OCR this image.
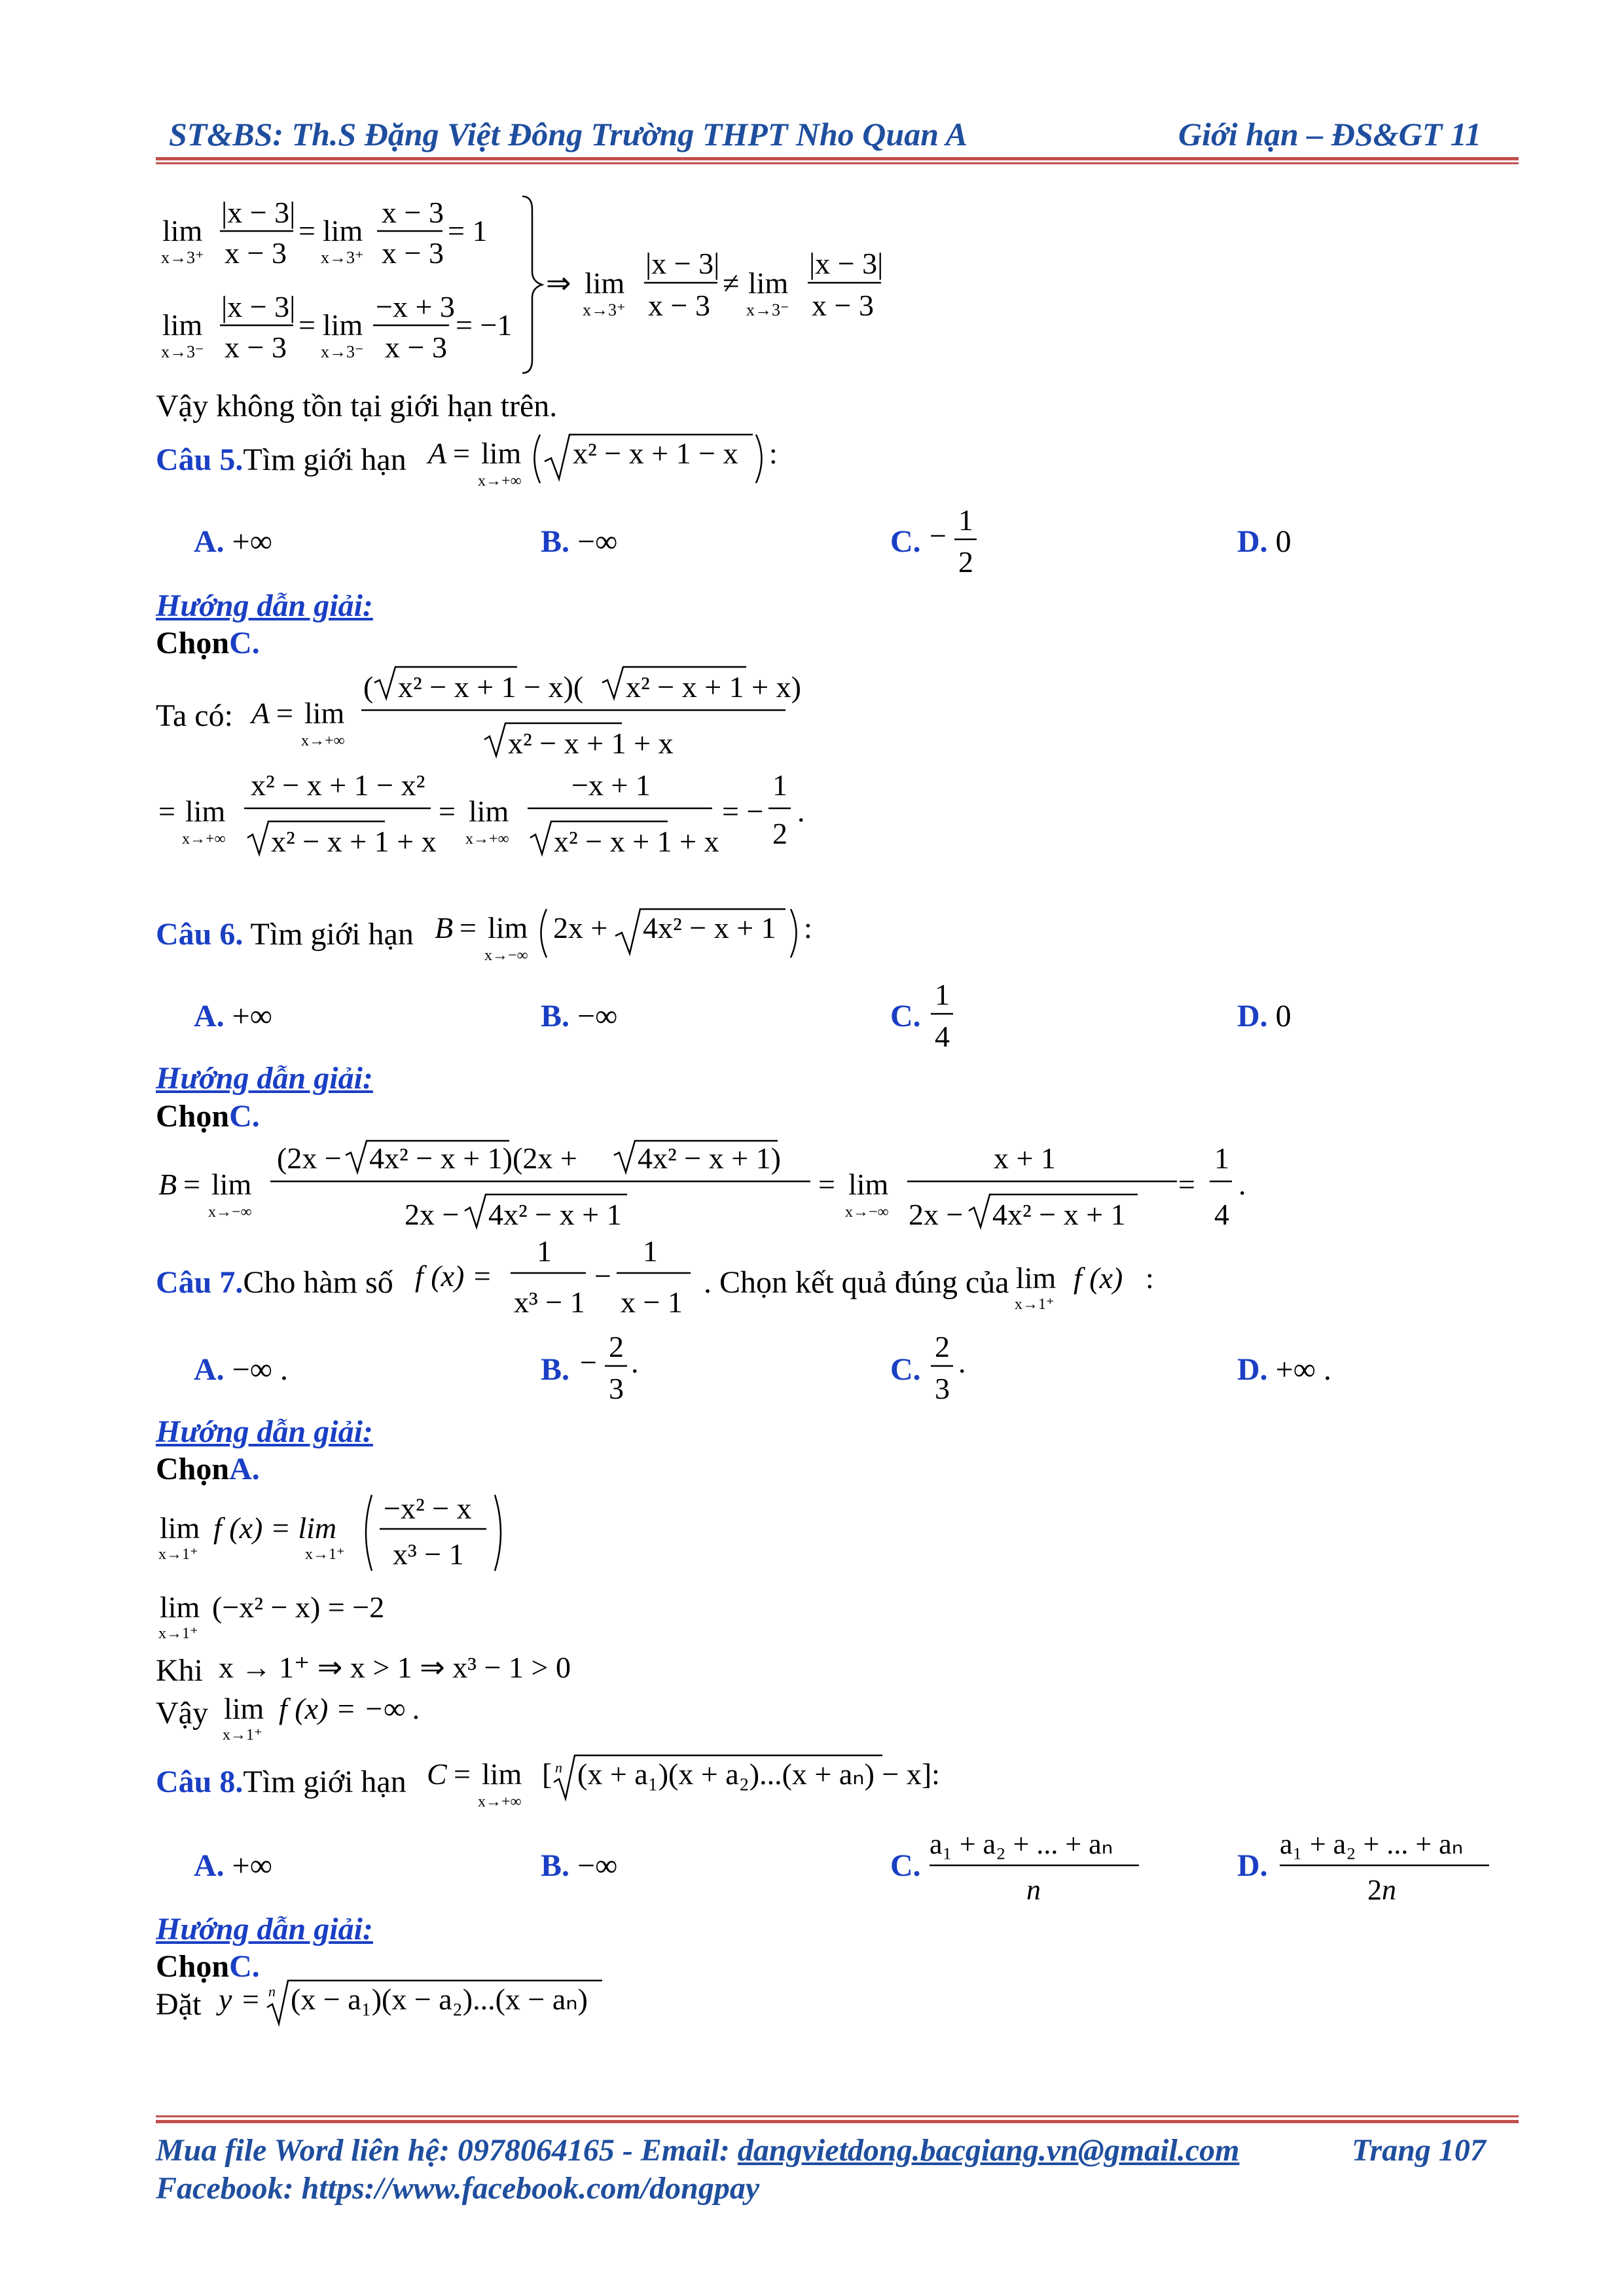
ST&BS: Th.S Đặng Việt Đông Trường THPT Nho Quan A	Giới hạn – ĐS&GT 11
lim
x→3⁺
|x − 3|
x − 3
= lim
x→3⁺
x − 3
x − 3
= 1
lim
x→3⁻
|x − 3|
x − 3
= lim
x→3⁻
−x + 3
x − 3
= −1
⇒ lim
x→3⁺
|x − 3|
x − 3
≠ lim
x→3⁻
|x − 3|
x − 3
Vậy không tồn tại giới hạn trên.
Câu 5.Tìm giới hạn A = lim
x→+∞
x² − x + 1 − x :
A. +∞	B. −∞	C. − 1
2
D. 0
Hướng dẫn giải:
ChọnC.
Ta có: A = lim
x→+∞
( x² − x + 1 − x)( x² − x + 1 + x)
x² − x + 1 + x
= lim
x→+∞
x² − x + 1 − x²
x² − x + 1 + x
= lim
x→+∞
−x + 1
x² − x + 1 + x
= −
1
2
.
Câu 6. Tìm giới hạn B = lim
x→−∞
2x + 4x² − x + 1 :
A. +∞	B. −∞	C.
1
4
D. 0
Hướng dẫn giải:
ChọnC.
B = lim
x→−∞
(2x − 4x² − x + 1)(2x + 4x² − x + 1)
2x − 4x² − x + 1
= lim
x→−∞
x + 1
2x − 4x² − x + 1
=
1
4
.
Câu 7.Cho hàm số f (x) =
1
x³ − 1
−
1
x − 1
. Chọn kết quả đúng của lim
x→1⁺
f (x) :
A. −∞ .	B. − 2
3
.	C.
2
3
.	D. +∞ .
Hướng dẫn giải:
ChọnA.
lim
x→1⁺
f (x) = lim
x→1⁺
−x² − x
x³ − 1
lim
x→1⁺
(−x² − x) = −2
Khi x → 1⁺ ⇒ x > 1 ⇒ x³ − 1 > 0
Vậy lim
x→1⁺
f (x) = −∞ .
Câu 8.Tìm giới hạn C = lim
x→+∞
[ n (x + a₁)(x + a₂)...(x + aₙ) − x]:
A. +∞	B. −∞	C.
a₁ + a₂ + ... + aₙ
n
D.
a₁ + a₂ + ... + aₙ
2n
Hướng dẫn giải:
ChọnC.
Đặt y = n (x − a₁)(x − a₂)...(x − aₙ)
Mua file Word liên hệ: 0978064165 - Email: dangvietdong.bacgiang.vn@gmail.com	Trang 107
Facebook: https://www.facebook.com/dongpay
